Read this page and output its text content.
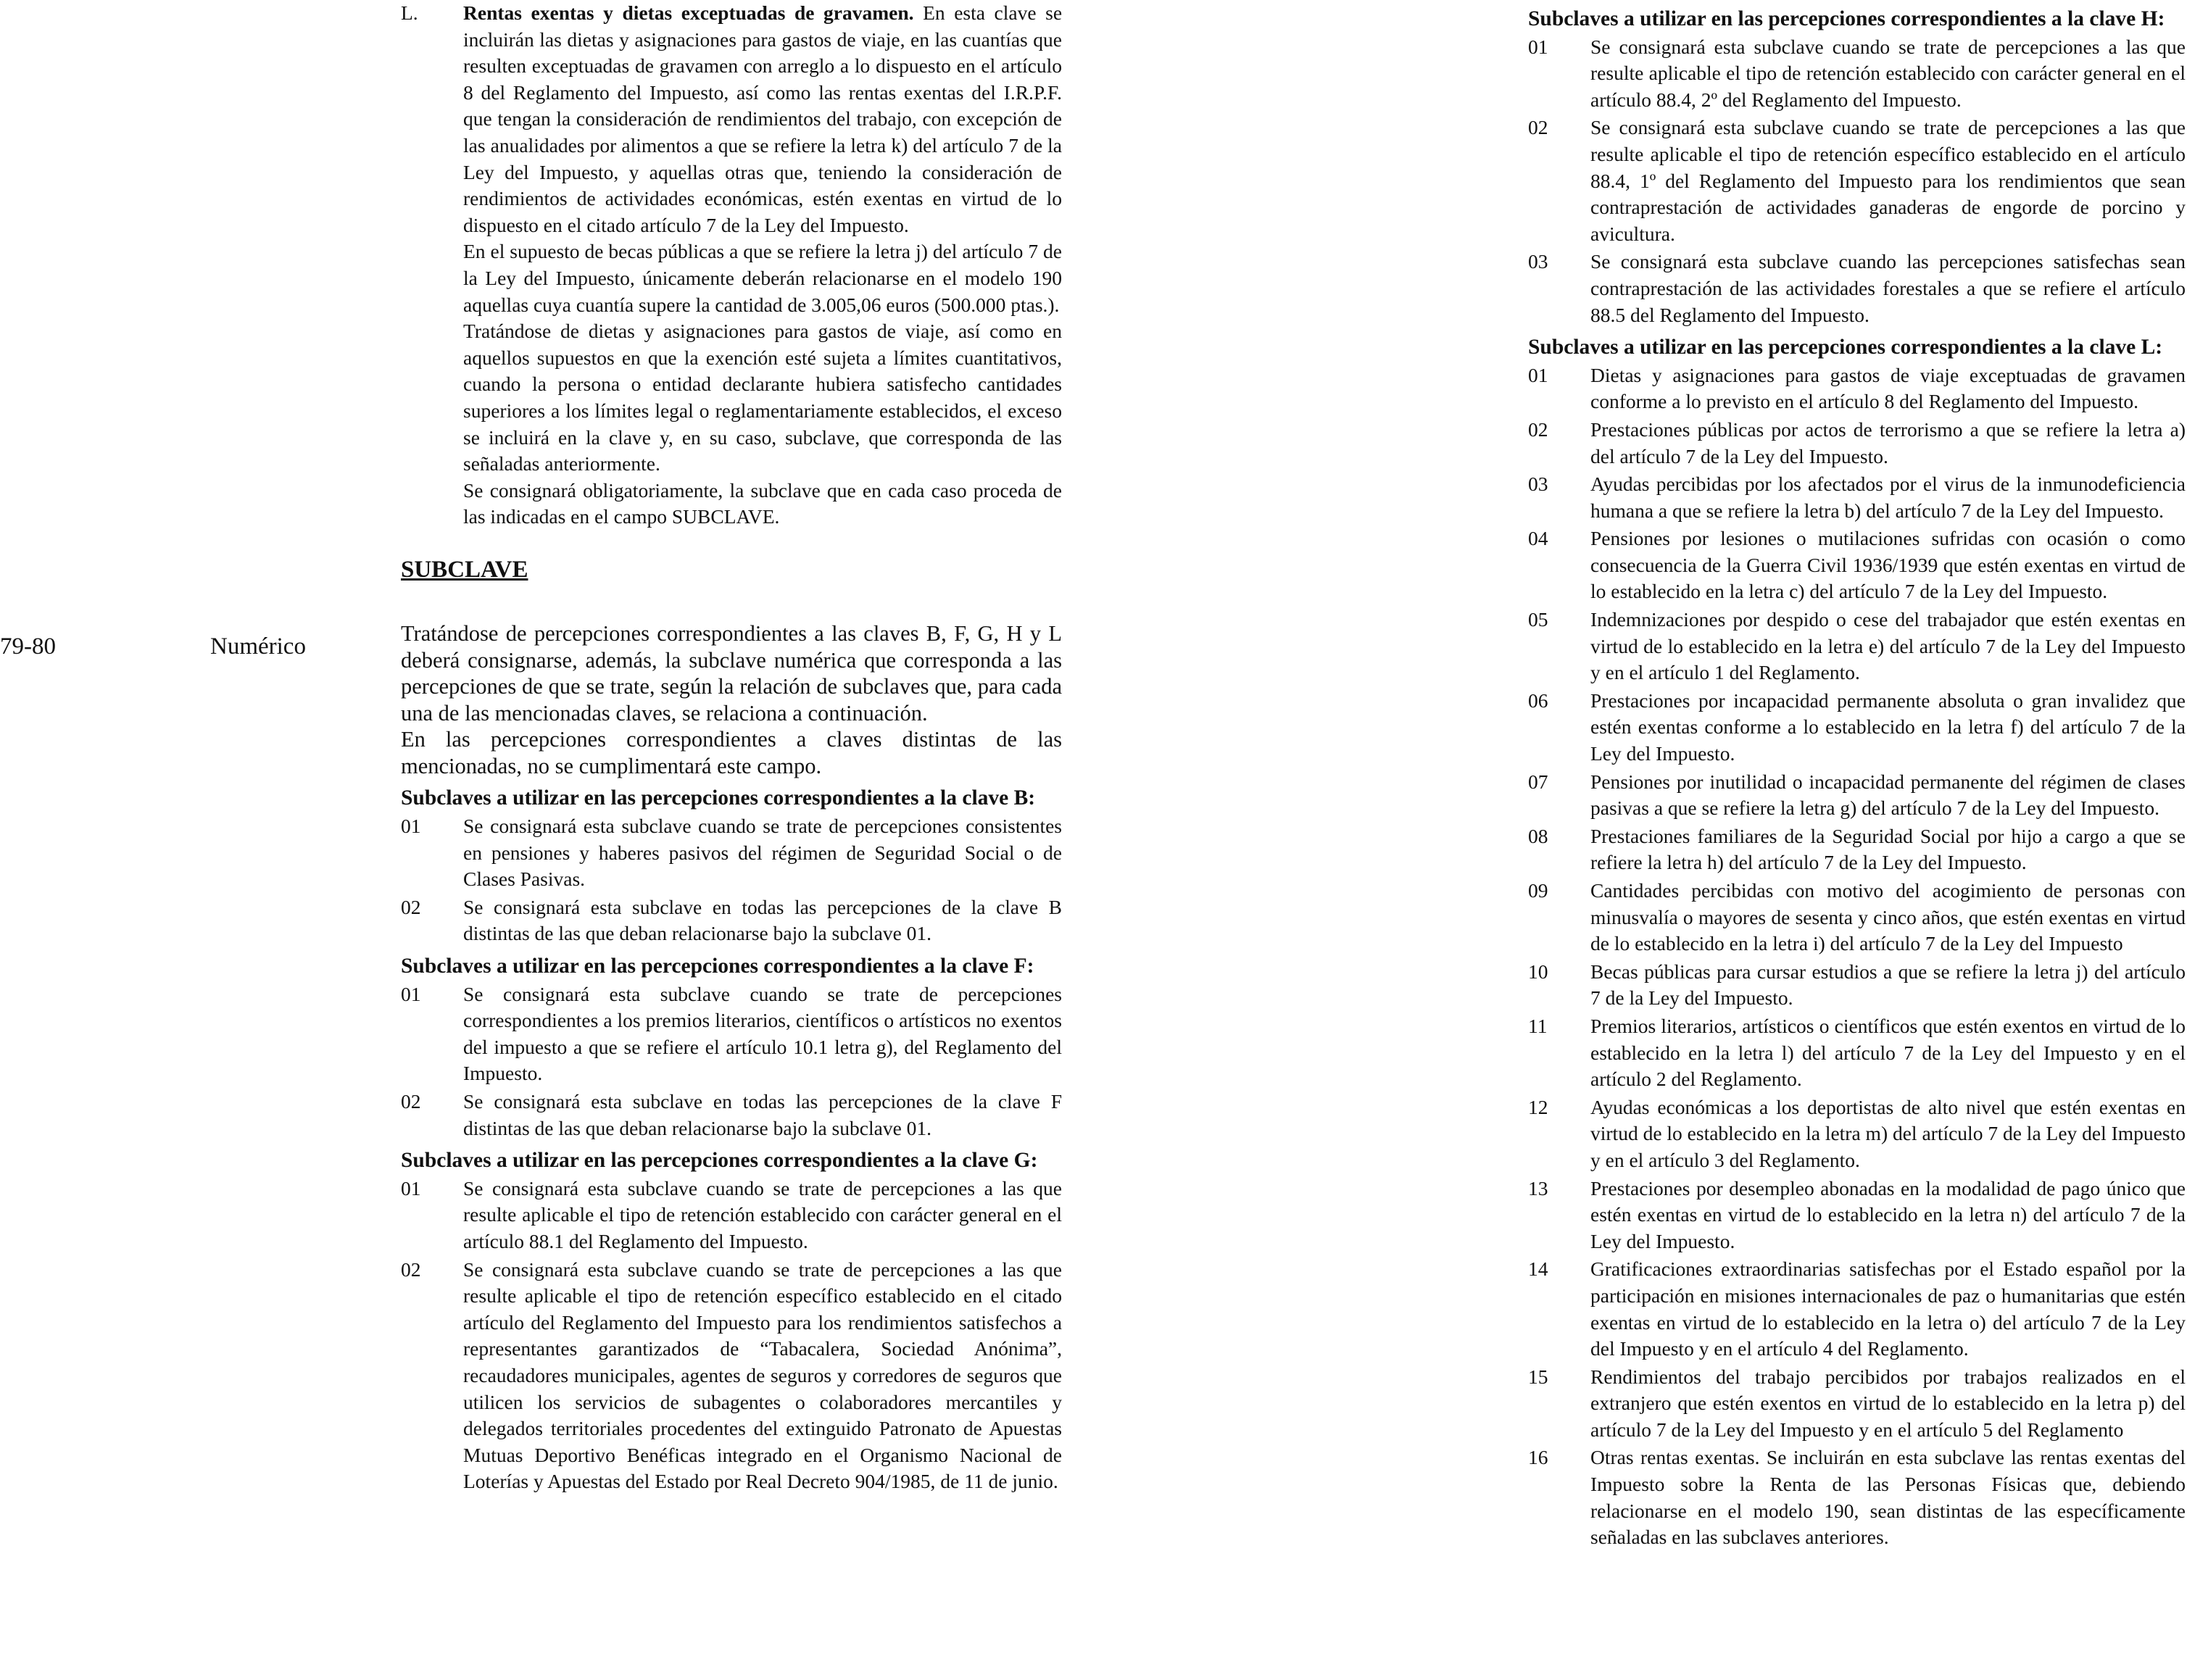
79-80	Numérico
L.	Rentas exentas y dietas exceptuadas de gravamen. En esta clave se incluirán las dietas y asignaciones para gastos de viaje, en las cuantías que resulten exceptuadas de gravamen con arreglo a lo dispuesto en el artículo 8 del Reglamento del Impuesto, así como las rentas exentas del I.R.P.F. que tengan la consideración de rendimientos del trabajo, con excepción de las anualidades por alimentos a que se refiere la letra k) del artículo 7 de la Ley del Impuesto, y aquellas otras que, teniendo la consideración de rendimientos de actividades económicas, estén exentas en virtud de lo dispuesto en el citado artículo 7 de la Ley del Impuesto.

En el supuesto de becas públicas a que se refiere la letra j) del artículo 7 de la Ley del Impuesto, únicamente deberán relacionarse en el modelo 190 aquellas cuya cuantía supere la cantidad de 3.005,06 euros (500.000 ptas.).

Tratándose de dietas y asignaciones para gastos de viaje, así como en aquellos supuestos en que la exención esté sujeta a límites cuantitativos, cuando la persona o entidad declarante hubiera satisfecho cantidades superiores a los límites legal o reglamentariamente establecidos, el exceso se incluirá en la clave y, en su caso, subclave, que corresponda de las señaladas anteriormente.

Se consignará obligatoriamente, la subclave que en cada caso proceda de las indicadas en el campo SUBCLAVE.

SUBCLAVE

Tratándose de percepciones correspondientes a las claves B, F, G, H y L deberá consignarse, además, la subclave numérica que corresponda a las percepciones de que se trate, según la relación de subclaves que, para cada una de las mencionadas claves, se relaciona a continuación.

En las percepciones correspondientes a claves distintas de las mencionadas, no se cumplimentará este campo.

Subclaves a utilizar en las percepciones correspondientes a la clave B:
01	Se consignará esta subclave cuando se trate de percepciones consistentes en pensiones y haberes pasivos del régimen de Seguridad Social o de Clases Pasivas.
02	Se consignará esta subclave en todas las percepciones de la clave B distintas de las que deban relacionarse bajo la subclave 01.
Subclaves a utilizar en las percepciones correspondientes a la clave F:
01	Se consignará esta subclave cuando se trate de percepciones correspondientes a los premios literarios, científicos o artísticos no exentos del impuesto a que se refiere el artículo 10.1 letra g), del Reglamento del Impuesto.
02	Se consignará esta subclave en todas las percepciones de la clave F distintas de las que deban relacionarse bajo la subclave 01.
Subclaves a utilizar en las percepciones correspondientes a la clave G:
01	Se consignará esta subclave cuando se trate de percepciones a las que resulte aplicable el tipo de retención establecido con carácter general en el artículo 88.1 del Reglamento del Impuesto.
02	Se consignará esta subclave cuando se trate de percepciones a las que resulte aplicable el tipo de retención específico establecido en el citado artículo del Reglamento del Impuesto para los rendimientos satisfechos a representantes garantizados de “Tabacalera, Sociedad Anónima”, recaudadores municipales, agentes de seguros y corredores de seguros que utilicen los servicios de subagentes o colaboradores mercantiles y delegados territoriales procedentes del extinguido Patronato de Apuestas Mutuas Deportivo Benéficas integrado en el Organismo Nacional de Loterías y Apuestas del Estado por Real Decreto 904/1985, de 11 de junio.
Subclaves a utilizar en las percepciones correspondientes a la clave H:
01	Se consignará esta subclave cuando se trate de percepciones a las que resulte aplicable el tipo de retención establecido con carácter general en el artículo 88.4, 2º del Reglamento del Impuesto.
02	Se consignará esta subclave cuando se trate de percepciones a las que resulte aplicable el tipo de retención específico establecido en el artículo 88.4, 1º del Reglamento del Impuesto para los rendimientos que sean contraprestación de actividades ganaderas de engorde de porcino y avicultura.
03	Se consignará esta subclave cuando las percepciones satisfechas sean contraprestación de las actividades forestales a que se refiere el artículo 88.5 del Reglamento del Impuesto.
Subclaves a utilizar en las percepciones correspondientes a la clave L:
01	Dietas y asignaciones para gastos de viaje exceptuadas de gravamen conforme a lo previsto en el artículo 8 del Reglamento del Impuesto.
02	Prestaciones públicas por actos de terrorismo a que se refiere la letra a) del artículo 7 de la Ley del Impuesto.
03	Ayudas percibidas por los afectados por el virus de la inmunodeficiencia humana a que se refiere la letra b) del artículo 7 de la Ley del Impuesto.
04	Pensiones por lesiones o mutilaciones sufridas con ocasión o como consecuencia de la Guerra Civil 1936/1939 que estén exentas en virtud de lo establecido en la letra c) del artículo 7 de la Ley del Impuesto.
05	Indemnizaciones por despido o cese del trabajador que estén exentas en virtud de lo establecido en la letra e) del artículo 7 de la Ley del Impuesto y en el artículo 1 del Reglamento.
06	Prestaciones por incapacidad permanente absoluta o gran invalidez que estén exentas conforme a lo establecido en la letra f) del artículo 7 de la Ley del Impuesto.
07	Pensiones por inutilidad o incapacidad permanente del régimen de clases pasivas a que se refiere la letra g) del artículo 7 de la Ley del Impuesto.
08	Prestaciones familiares de la Seguridad Social por hijo a cargo a que se refiere la letra h) del artículo 7 de la Ley del Impuesto.
09	Cantidades percibidas con motivo del acogimiento de personas con minusvalía o mayores de sesenta y cinco años, que estén exentas en virtud de lo establecido en la letra i) del artículo 7 de la Ley del Impuesto
10	Becas públicas para cursar estudios a que se refiere la letra j) del artículo 7 de la Ley del Impuesto.
11	Premios literarios, artísticos o científicos que estén exentos en virtud de lo establecido en la letra l) del artículo 7 de la Ley del Impuesto y en el artículo 2 del Reglamento.
12	Ayudas económicas a los deportistas de alto nivel que estén exentas en virtud de lo establecido en la letra m) del artículo 7 de la Ley del Impuesto y en el artículo 3 del Reglamento.
13	Prestaciones por desempleo abonadas en la modalidad de pago único que estén exentas en virtud de lo establecido en la letra n) del artículo 7 de la Ley del Impuesto.
14	Gratificaciones extraordinarias satisfechas por el Estado español por la participación en misiones internacionales de paz o humanitarias que estén exentas en virtud de lo establecido en la letra o) del artículo 7 de la Ley del Impuesto y en el artículo 4 del Reglamento.
15	Rendimientos del trabajo percibidos por trabajos realizados en el extranjero que estén exentos en virtud de lo establecido en la letra p) del artículo 7 de la Ley del Impuesto y en el artículo 5 del Reglamento
16	Otras rentas exentas. Se incluirán en esta subclave las rentas exentas del Impuesto sobre la Renta de las Personas Físicas que, debiendo relacionarse en el modelo 190, sean distintas de las específicamente señaladas en las subclaves anteriores.
